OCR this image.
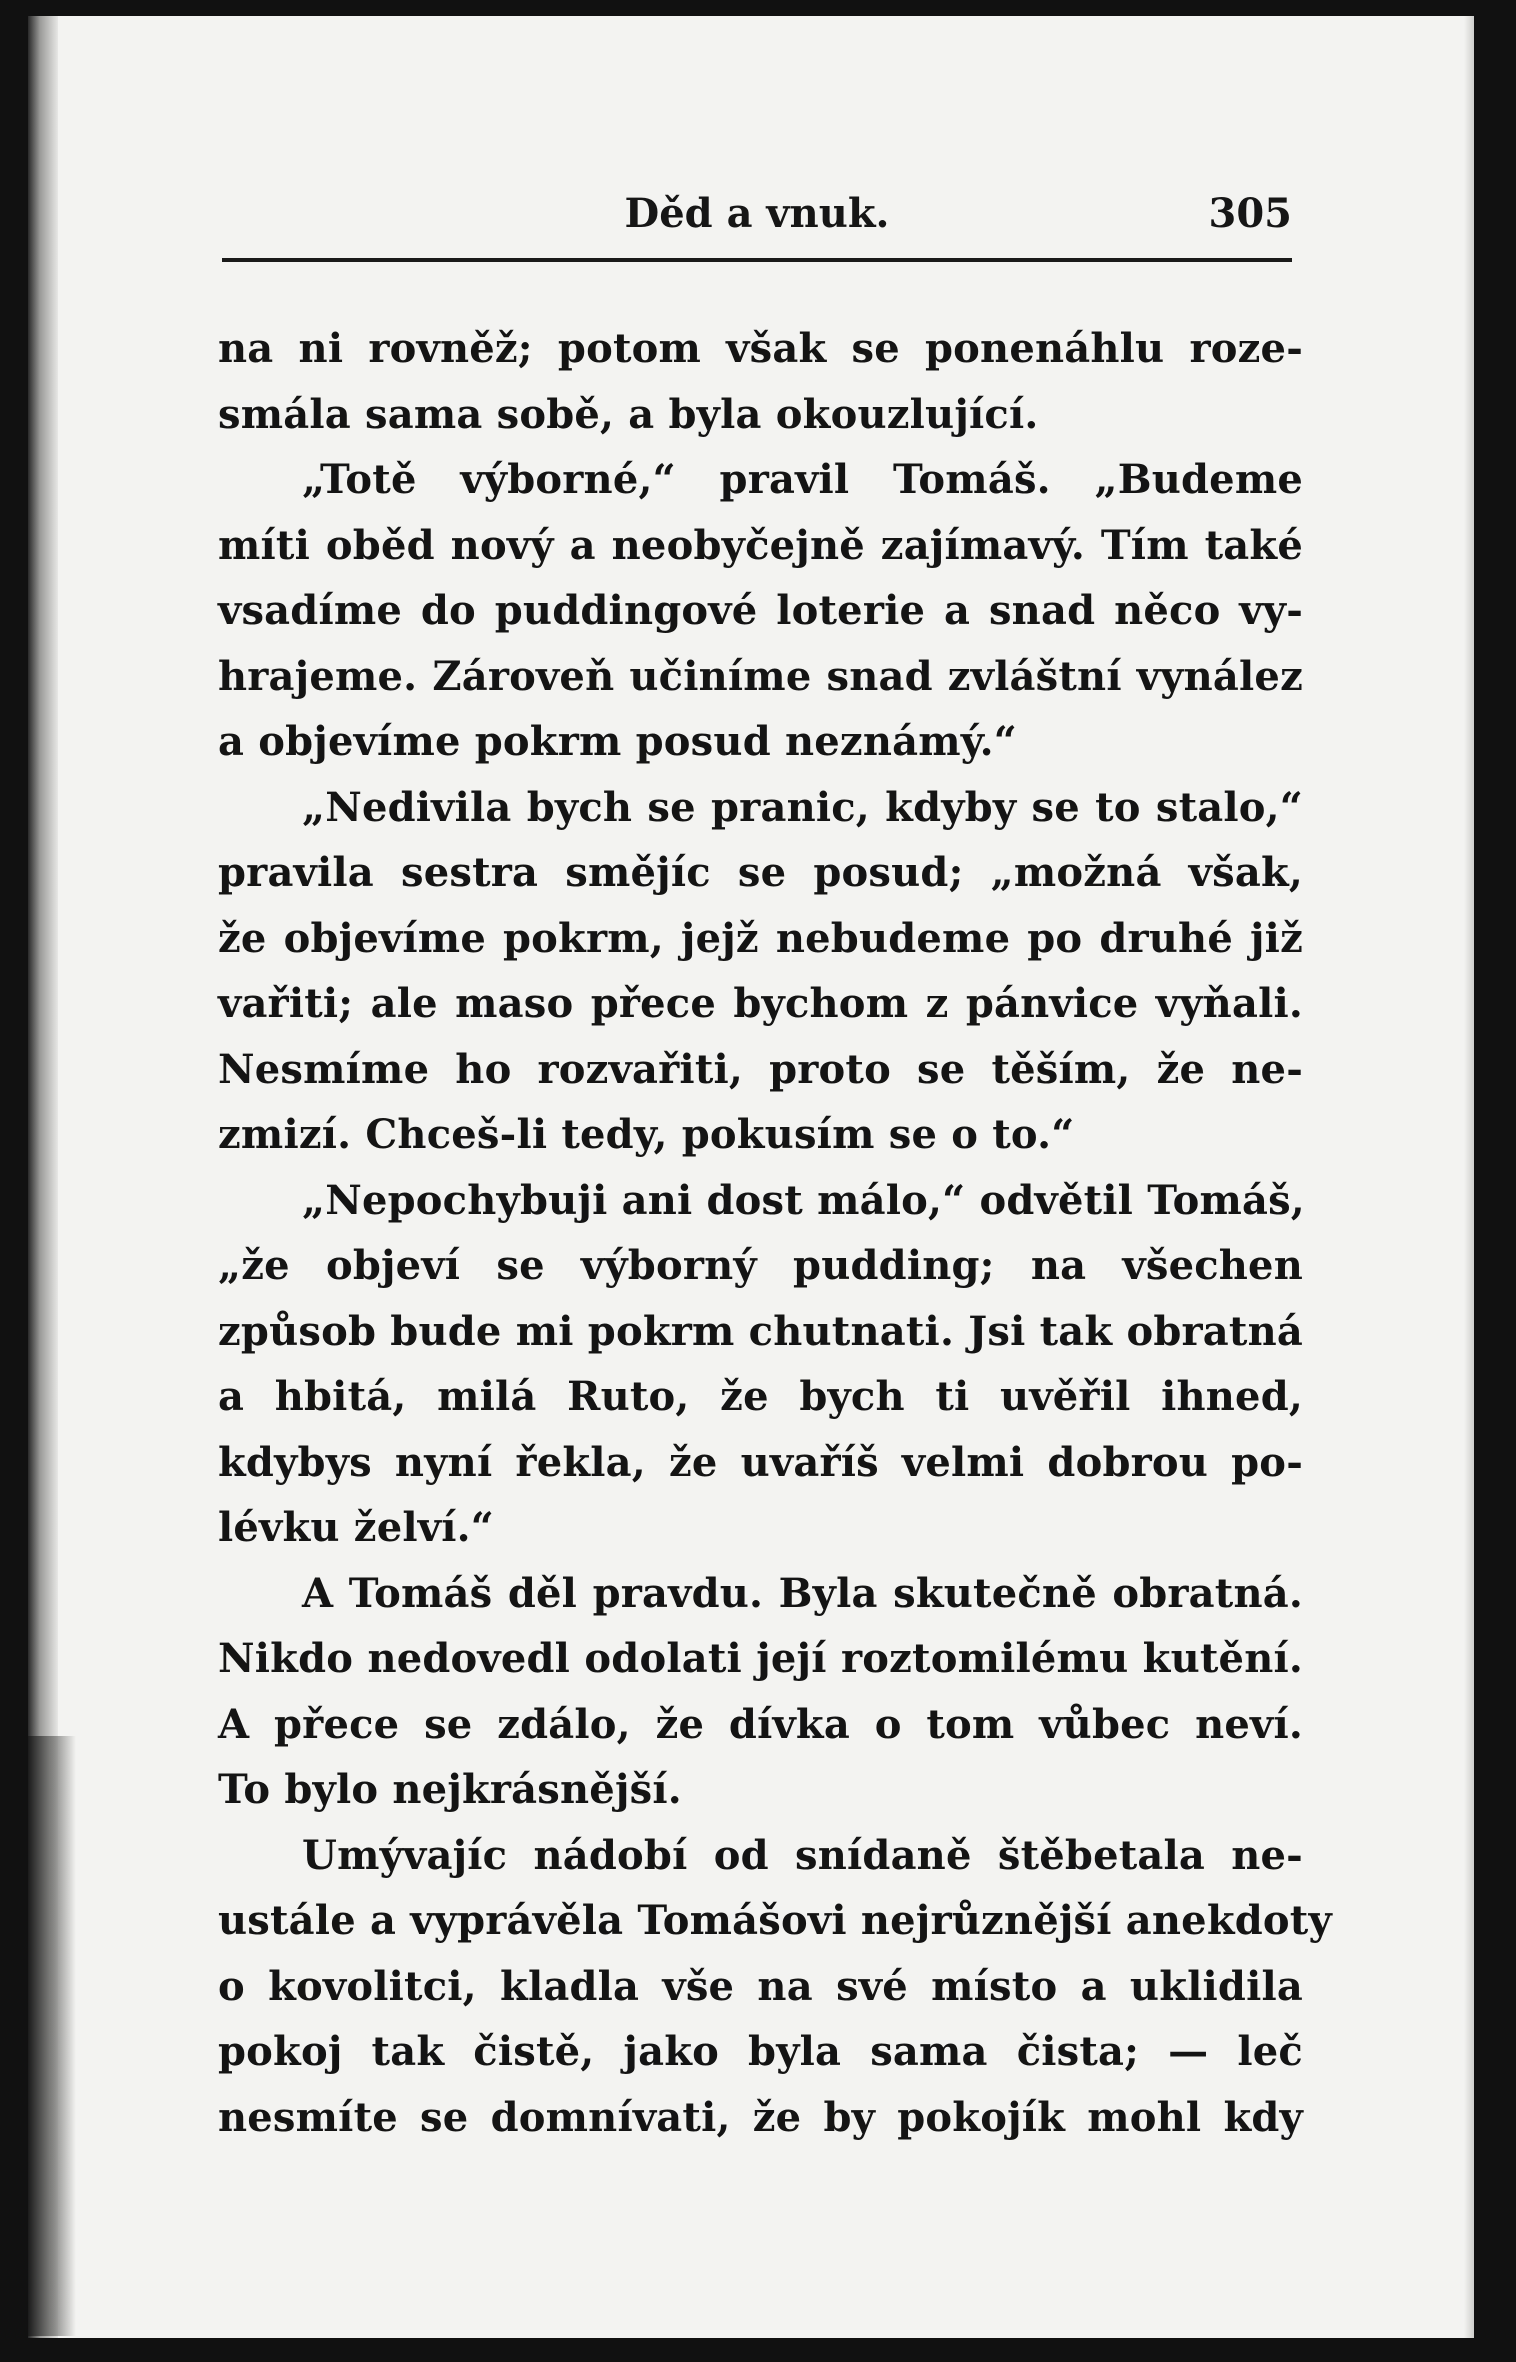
Děd a vnuk.	305
na ni rovněž; potom však se ponenáhlu roze-
smála sama sobě, a byla okouzlující.
„Totě výborné,“ pravil Tomáš. „Budeme
míti oběd nový a neobyčejně zajímavý. Tím také
vsadíme do puddingové loterie a snad něco vy-
hrajeme. Zároveň učiníme snad zvláštní vynález
a objevíme pokrm posud neznámý.“
„Nedivila bych se pranic, kdyby se to stalo,“
pravila sestra smějíc se posud; „možná však,
že objevíme pokrm, jejž nebudeme po druhé již
vařiti; ale maso přece bychom z pánvice vyňali.
Nesmíme ho rozvařiti, proto se těším, že ne-
zmizí. Chceš-li tedy, pokusím se o to.“
„Nepochybuji ani dost málo,“ odvětil Tomáš,
„že objeví se výborný pudding; na všechen
způsob bude mi pokrm chutnati. Jsi tak obratná
a hbitá, milá Ruto, že bych ti uvěřil ihned,
kdybys nyní řekla, že uvaříš velmi dobrou po-
lévku želví.“
A Tomáš děl pravdu. Byla skutečně obratná.
Nikdo nedovedl odolati její roztomilému kutění.
A přece se zdálo, že dívka o tom vůbec neví.
To bylo nejkrásnější.
Umývajíc nádobí od snídaně štěbetala ne-
ustále a vyprávěla Tomášovi nejrůznější anekdoty
o kovolitci, kladla vše na své místo a uklidila
pokoj tak čistě, jako byla sama čista; — leč
nesmíte se domnívati, že by pokojík mohl kdy
